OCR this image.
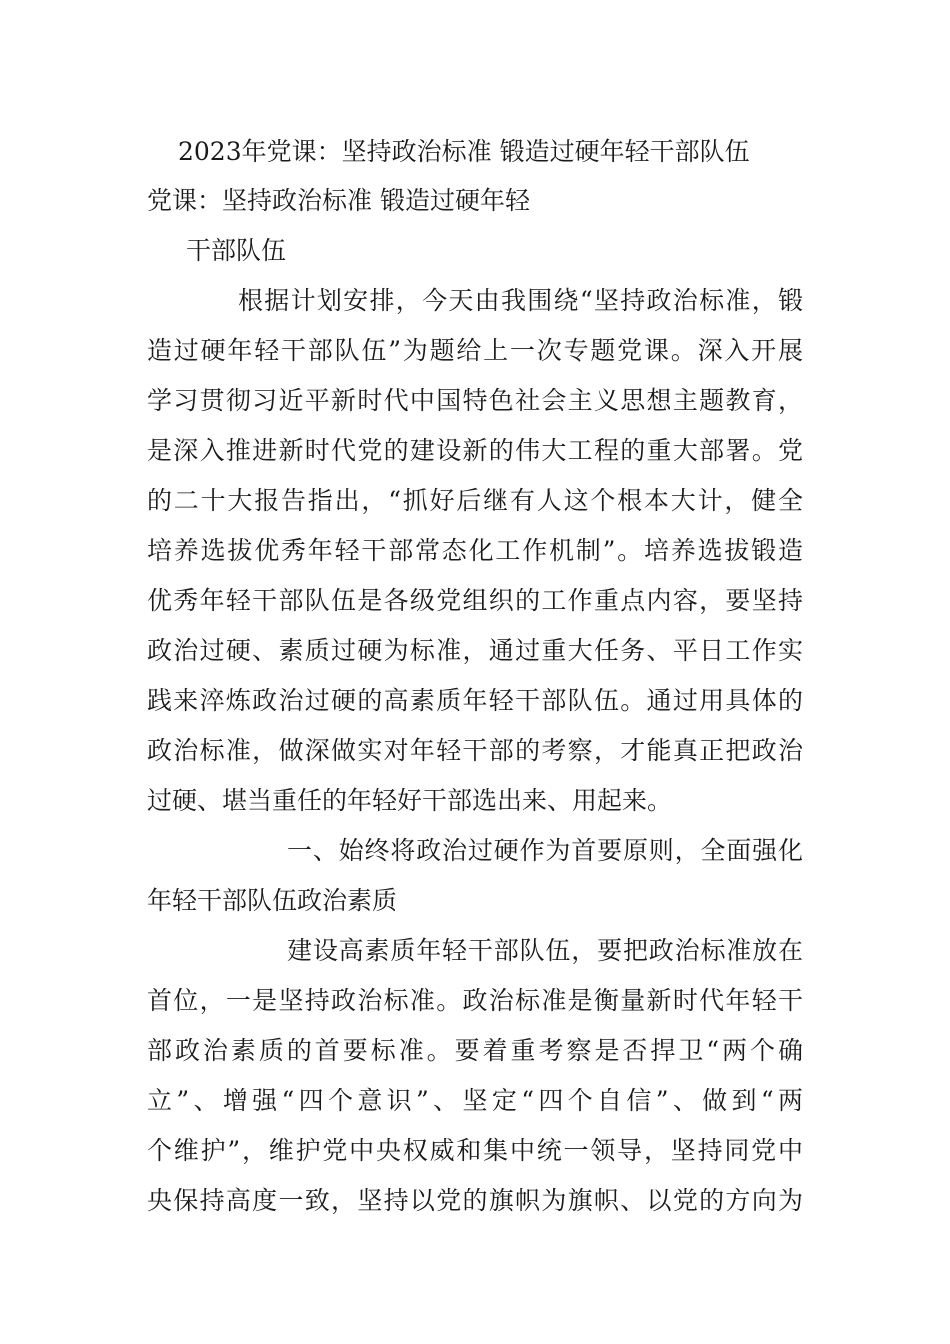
2023年党课：坚持政治标准 锻造过硬年轻干部队伍
党课：坚持政治标准 锻造过硬年轻
干部队伍
根据计划安排，今天由我围绕“坚持政治标准，锻
造过硬年轻干部队伍”为题给上一次专题党课。深入开展
学习贯彻习近平新时代中国特色社会主义思想主题教育，
是深入推进新时代党的建设新的伟大工程的重大部署。党
的二十大报告指出，“抓好后继有人这个根本大计，健全
培养选拔优秀年轻干部常态化工作机制”。培养选拔锻造
优秀年轻干部队伍是各级党组织的工作重点内容，要坚持
政治过硬、素质过硬为标准，通过重大任务、平日工作实
践来淬炼政治过硬的高素质年轻干部队伍。通过用具体的
政治标准，做深做实对年轻干部的考察，才能真正把政治
过硬、堪当重任的年轻好干部选出来、用起来。
一、始终将政治过硬作为首要原则，全面强化
年轻干部队伍政治素质
建设高素质年轻干部队伍，要把政治标准放在
首位，一是坚持政治标准。政治标准是衡量新时代年轻干
部政治素质的首要标准。要着重考察是否捍卫“两个确
立”、增强“四个意识”、坚定“四个自信”、做到“两
个维护”，维护党中央权威和集中统一领导，坚持同党中
央保持高度一致，坚持以党的旗帜为旗帜、以党的方向为
